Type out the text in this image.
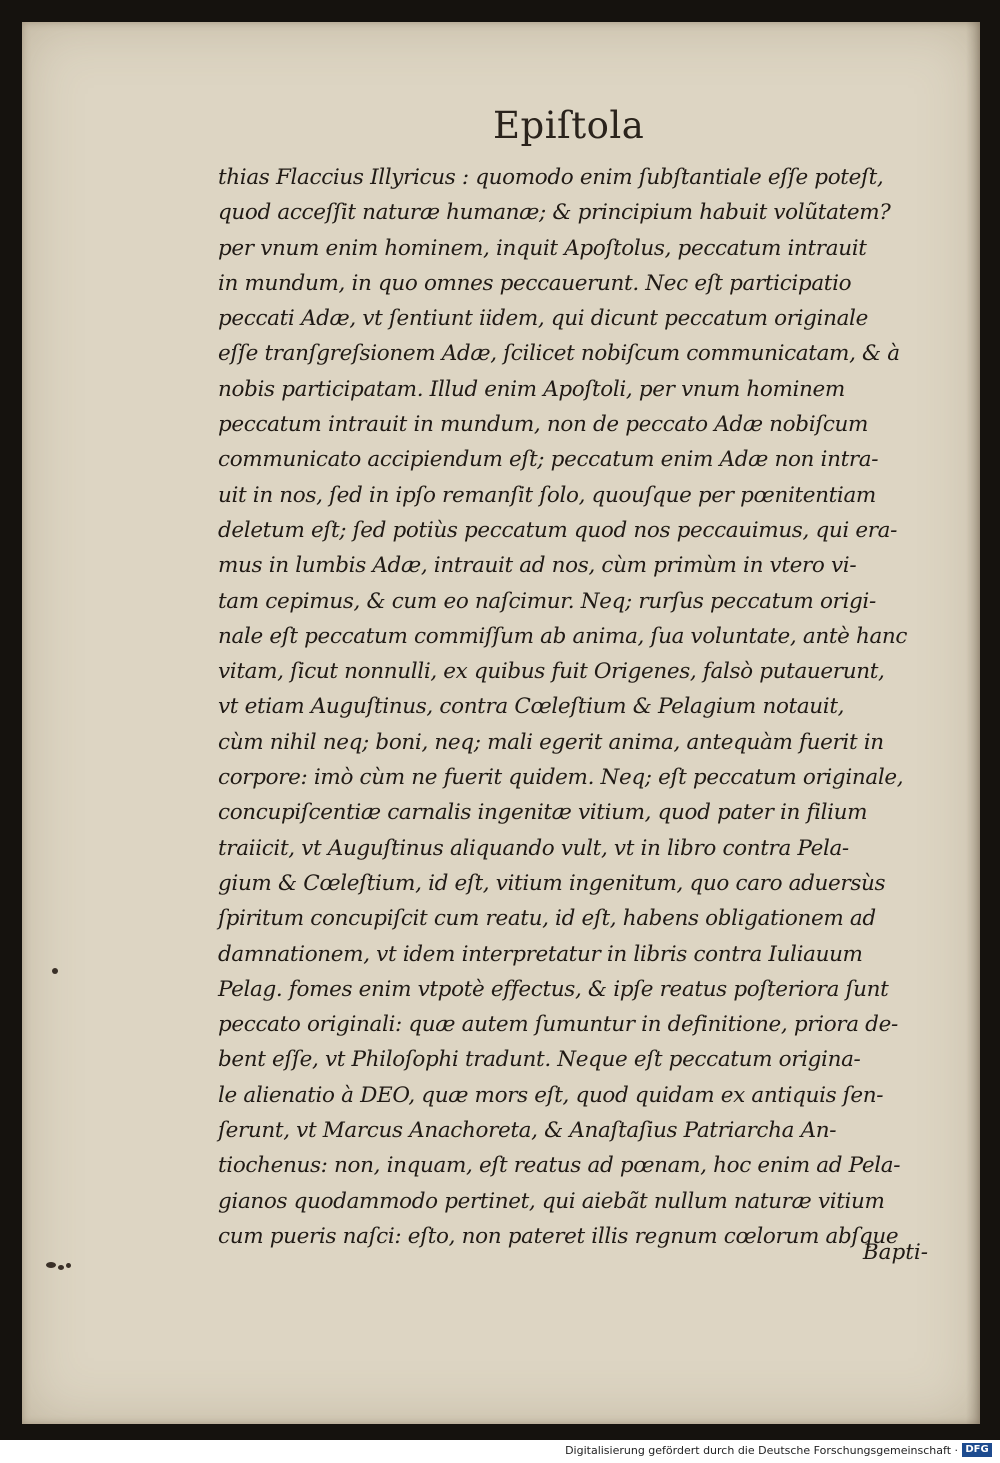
Epiſtola
thias Flaccius Illyricus : quomodo enim ſubſtantiale eſſe poteſt,
quod acceſſit naturæ humanæ; & principium habuit volũtatem?
per vnum enim hominem, inquit Apoſtolus, peccatum intrauit
in mundum, in quo omnes peccauerunt. Nec eſt participatio
peccati Adæ, vt ſentiunt iidem, qui dicunt peccatum originale
eſſe tranſgreſsionem Adæ, ſcilicet nobiſcum communicatam, & à
nobis participatam. Illud enim Apoſtoli, per vnum hominem
peccatum intrauit in mundum, non de peccato Adæ nobiſcum
communicato accipiendum eſt; peccatum enim Adæ non intra-
uit in nos, ſed in ipſo remanſit ſolo, quouſque per pœnitentiam
deletum eſt; ſed potiùs peccatum quod nos peccauimus, qui era-
mus in lumbis Adæ, intrauit ad nos, cùm primùm in vtero vi-
tam cepimus, & cum eo naſcimur. Neq; rurſus peccatum origi-
nale eſt peccatum commiſſum ab anima, ſua voluntate, antè hanc
vitam, ſicut nonnulli, ex quibus fuit Origenes, falsò putauerunt,
vt etiam Auguſtinus, contra Cœleſtium & Pelagium notauit,
cùm nihil neq; boni, neq; mali egerit anima, antequàm fuerit in
corpore: imò cùm ne fuerit quidem. Neq; eſt peccatum originale,
concupiſcentiæ carnalis ingenitæ vitium, quod pater in filium
traiicit, vt Auguſtinus aliquando vult, vt in libro contra Pela-
gium & Cœleſtium, id eſt, vitium ingenitum, quo caro aduersùs
ſpiritum concupiſcit cum reatu, id eſt, habens obligationem ad
damnationem, vt idem interpretatur in libris contra Iuliauum
Pelag. fomes enim vtpotè effectus, & ipſe reatus poſteriora ſunt
peccato originali: quæ autem ſumuntur in definitione, priora de-
bent eſſe, vt Philoſophi tradunt. Neque eſt peccatum origina-
le alienatio à DEO, quæ mors eſt, quod quidam ex antiquis ſen-
ſerunt, vt Marcus Anachoreta, & Anaſtaſius Patriarcha An-
tiochenus: non, inquam, eſt reatus ad pœnam, hoc enim ad Pela-
gianos quodammodo pertinet, qui aiebãt nullum naturæ vitium
cum pueris naſci: eſto, non pateret illis regnum cœlorum abſque
Bapti-
Digitalisierung gefördert durch die Deutsche Forschungsgemeinschaft · DFG
